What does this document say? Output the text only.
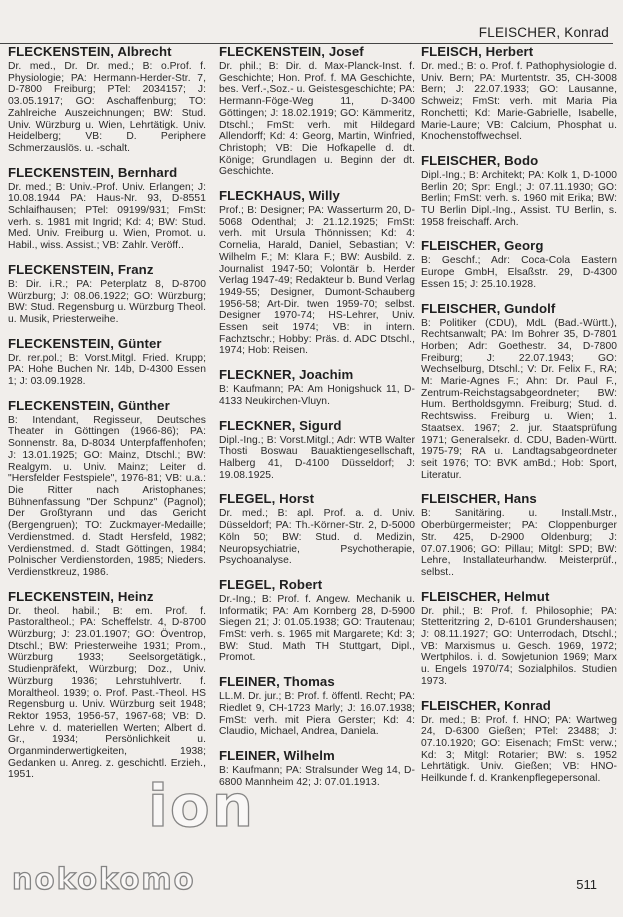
FLEISCHER, Konrad
FLECKENSTEIN, Albrecht
Dr. med., Dr. Dr. med.; B: o.Prof. f. Physiologie; PA: Hermann-Herder-Str. 7, D-7800 Freiburg; PTel: 2034157; J: 03.05.1917; GO: Aschaffenburg; TO: Zahlreiche Auszeichnungen; BW: Stud. Univ. Würzburg u. Wien, Lehrtätigk. Univ. Heidelberg; VB: D. Periphere Schmerzauslös. u. -schalt.
FLECKENSTEIN, Bernhard
Dr. med.; B: Univ.-Prof. Univ. Erlangen; J: 10.08.1944 PA: Haus-Nr. 93, D-8551 Schlaifhausen; PTel: 09199/931; FmSt: verh. s. 1981 mit Ingrid; Kd: 4; BW: Stud. Med. Univ. Freiburg u. Wien, Promot. u. Habil., wiss. Assist.; VB: Zahlr. Veröff..
FLECKENSTEIN, Franz
B: Dir. i.R.; PA: Peterplatz 8, D-8700 Würzburg; J: 08.06.1922; GO: Würzburg; BW: Stud. Regensburg u. Würzburg Theol. u. Musik, Priesterweihe.
FLECKENSTEIN, Günter
Dr. rer.pol.; B: Vorst.Mitgl. Fried. Krupp; PA: Hohe Buchen Nr. 14b, D-4300 Essen 1; J: 03.09.1928.
FLECKENSTEIN, Günther
B: Intendant, Regisseur, Deutsches Theater in Göttingen (1966-86); PA: Sonnenstr. 8a, D-8034 Unterpfaffenhofen; J: 13.01.1925; GO: Mainz, Dtschl.; BW: Realgym. u. Univ. Mainz; Leiter d. "Hersfelder Festspiele", 1976-81; VB: u.a.: Die Ritter nach Aristophanes; Bühnenfassung "Der Schpunz" (Pagnol); Der Großtyrann und das Gericht (Bergengruen); TO: Zuckmayer-Medaille; Verdienstmed. d. Stadt Hersfeld, 1982; Verdienstmed. d. Stadt Göttingen, 1984; Polnischer Verdienstorden, 1985; Nieders. Verdienstkreuz, 1986.
FLECKENSTEIN, Heinz
Dr. theol. habil.; B: em. Prof. f. Pastoraltheol.; PA: Scheffelstr. 4, D-8700 Würzburg; J: 23.01.1907; GO: Öventrop, Dtschl.; BW: Priesterweihe 1931; Prom., Würzburg 1933; Seelsorgetätigk., Studienpräfekt, Würzburg; Doz., Univ. Würzburg 1936; Lehrstuhlvertr. f. Moraltheol. 1939; o. Prof. Past.-Theol. HS Regensburg u. Univ. Würzburg seit 1948; Rektor 1953, 1956-57, 1967-68; VB: D. Lehre v. d. materiellen Werten; Albert d. Gr., 1934; Persönlichkeit u. Organminderwertigkeiten, 1938; Gedanken u. Anreg. z. geschichtl. Erzieh., 1951.
FLECKENSTEIN, Josef
Dr. phil.; B: Dir. d. Max-Planck-Inst. f. Geschichte; Hon. Prof. f. MA Geschichte, bes. Verf.-,Soz.- u. Geistesgeschichte; PA: Hermann-Föge-Weg 11, D-3400 Göttingen; J: 18.02.1919; GO: Kämmeritz, Dtschl.; FmSt: verh. mit Hildegard Allendorff; Kd: 4: Georg, Martin, Winfried, Christoph; VB: Die Hofkapelle d. dt. Könige; Grundlagen u. Beginn der dt. Geschichte.
FLECKHAUS, Willy
Prof.; B: Designer; PA: Wasserturm 20, D-5068 Odenthal; J: 21.12.1925; FmSt: verh. mit Ursula Thönnissen; Kd: 4: Cornelia, Harald, Daniel, Sebastian; V: Wilhelm F.; M: Klara F.; BW: Ausbild. z. Journalist 1947-50; Volontär b. Herder Verlag 1947-49; Redakteur b. Bund Verlag 1949-55; Designer, Dumont-Schauberg 1956-58; Art-Dir. twen 1959-70; selbst. Designer 1970-74; HS-Lehrer, Univ. Essen seit 1974; VB: in intern. Fachztschr.; Hobby: Präs. d. ADC Dtschl., 1974; Hob: Reisen.
FLECKNER, Joachim
B: Kaufmann; PA: Am Honigshuck 11, D-4133 Neukirchen-Vluyn.
FLECKNER, Sigurd
Dipl.-Ing.; B: Vorst.Mitgl.; Adr: WTB Walter Thosti Boswau Bauaktiengesellschaft, Halberg 41, D-4100 Düsseldorf; J: 19.08.1925.
FLEGEL, Horst
Dr. med.; B: apl. Prof. a. d. Univ. Düsseldorf; PA: Th.-Körner-Str. 2, D-5000 Köln 50; BW: Stud. d. Medizin, Neuropsychiatrie, Psychotherapie, Psychoanalyse.
FLEGEL, Robert
Dr.-Ing.; B: Prof. f. Angew. Mechanik u. Informatik; PA: Am Kornberg 28, D-5900 Siegen 21; J: 01.05.1938; GO: Trautenau; FmSt: verh. s. 1965 mit Margarete; Kd: 3; BW: Stud. Math TH Stuttgart, Dipl., Promot.
FLEINER, Thomas
LL.M. Dr. jur.; B: Prof. f. öffentl. Recht; PA: Riedlet 9, CH-1723 Marly; J: 16.07.1938; FmSt: verh. mit Piera Gerster; Kd: 4: Claudio, Michael, Andrea, Daniela.
FLEINER, Wilhelm
B: Kaufmann; PA: Stralsunder Weg 14, D-6800 Mannheim 42; J: 07.01.1913.
FLEISCH, Herbert
Dr. med.; B: o. Prof. f. Pathophysiologie d. Univ. Bern; PA: Murtentstr. 35, CH-3008 Bern; J: 22.07.1933; GO: Lausanne, Schweiz; FmSt: verh. mit Maria Pia Ronchetti; Kd: Marie-Gabrielle, Isabelle, Marie-Laure; VB: Calcium, Phosphat u. Knochenstoffwechsel.
FLEISCHER, Bodo
Dipl.-Ing.; B: Architekt; PA: Kolk 1, D-1000 Berlin 20; Spr: Engl.; J: 07.11.1930; GO: Berlin; FmSt: verh. s. 1960 mit Erika; BW: TU Berlin Dipl.-Ing., Assist. TU Berlin, s. 1958 freischaff. Arch.
FLEISCHER, Georg
B: Geschf.; Adr: Coca-Cola Eastern Europe GmbH, Elsaßstr. 29, D-4300 Essen 15; J: 25.10.1928.
FLEISCHER, Gundolf
B: Politiker (CDU), MdL (Bad.-Württ.), Rechtsanwalt; PA: Im Bohrer 35, D-7801 Horben; Adr: Goethestr. 34, D-7800 Freiburg; J: 22.07.1943; GO: Wechselburg, Dtschl.; V: Dr. Felix F., RA; M: Marie-Agnes F.; Ahn: Dr. Paul F., Zentrum-Reichstagsabgeordneter; BW: Hum. Bertholdsgymn. Freiburg; Stud. d. Rechtswiss. Freiburg u. Wien; 1. Staatsex. 1967; 2. jur. Staatsprüfung 1971; Generalsekr. d. CDU, Baden-Württ. 1975-79; RA u. Landtagsabgeordneter seit 1976; TO: BVK amBd.; Hob: Sport, Literatur.
FLEISCHER, Hans
B: Sanitäring. u. Install.Mstr., Oberbürgermeister; PA: Cloppenburger Str. 425, D-2900 Oldenburg; J: 07.07.1906; GO: Pillau; Mitgl: SPD; BW: Lehre, Installateurhandw. Meisterprüf., selbst..
FLEISCHER, Helmut
Dr. phil.; B: Prof. f. Philosophie; PA: Stetteritzring 2, D-6101 Grundershausen; J: 08.11.1927; GO: Unterrodach, Dtschl.; VB: Marxismus u. Gesch. 1969, 1972; Wertphilos. i. d. Sowjetunion 1969; Marx u. Engels 1970/74; Sozialphilos. Studien 1973.
FLEISCHER, Konrad
Dr. med.; B: Prof. f. HNO; PA: Wartweg 24, D-6300 Gießen; PTel: 23488; J: 07.10.1920; GO: Eisenach; FmSt: verw.; Kd: 3; Mitgl: Rotarier; BW: s. 1952 Lehrtätigk. Univ. Gießen; VB: HNO-Heilkunde f. d. Krankenpflegepersonal.
511
ion
nokokomo
